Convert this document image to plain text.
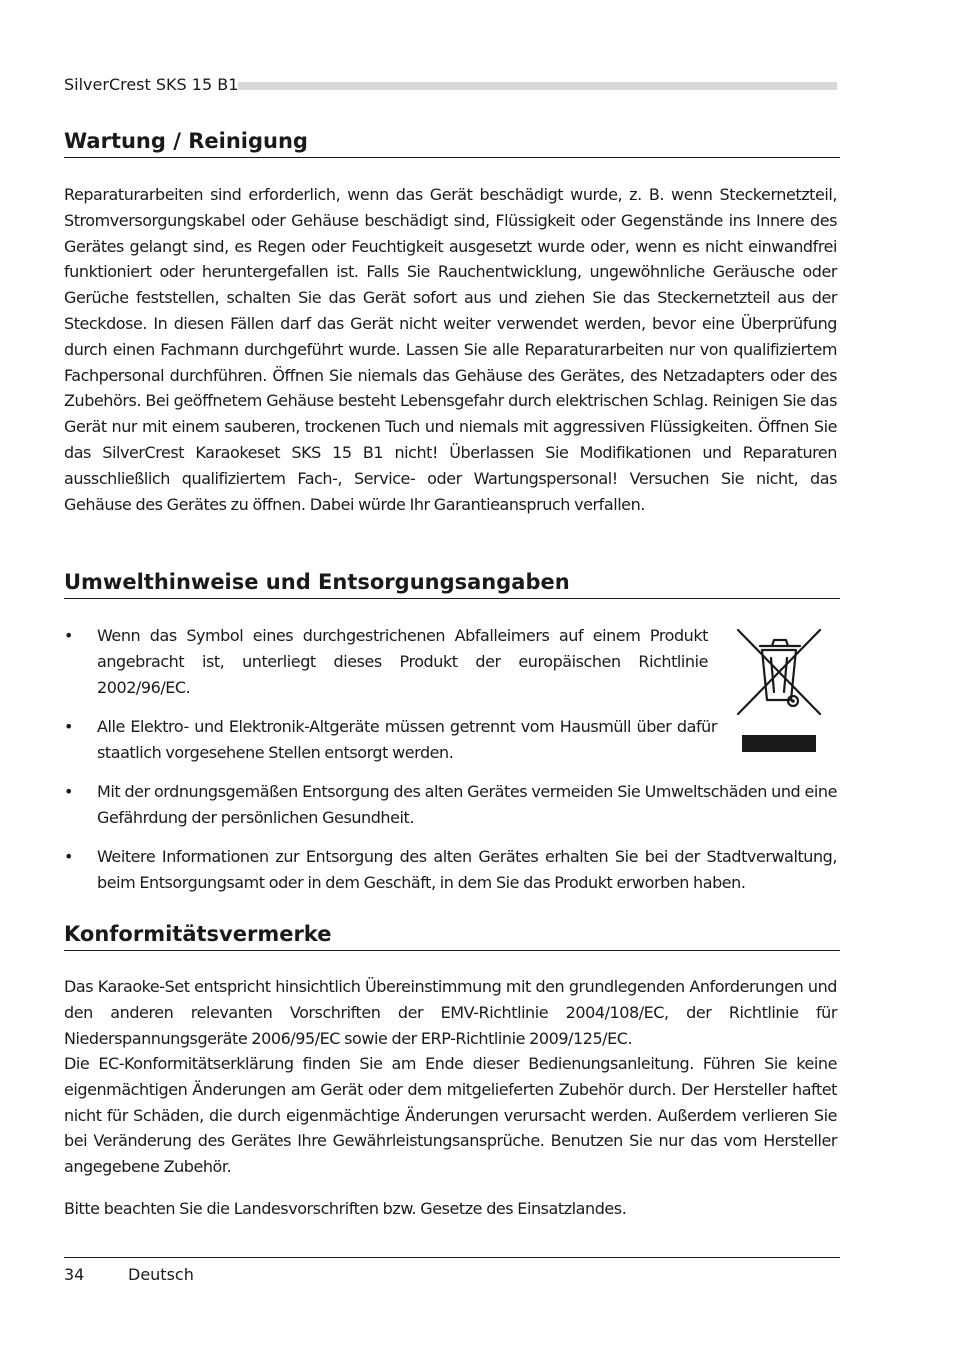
SilverCrest SKS 15 B1
Wartung / Reinigung
Reparaturarbeiten sind erforderlich, wenn das Gerät beschädigt wurde, z. B. wenn Steckernetzteil, Stromversorgungskabel oder Gehäuse beschädigt sind, Flüssigkeit oder Gegenstände ins Innere des Gerätes gelangt sind, es Regen oder Feuchtigkeit ausgesetzt wurde oder, wenn es nicht einwandfrei funktioniert oder heruntergefallen ist. Falls Sie Rauchentwicklung, ungewöhnliche Geräusche oder Gerüche feststellen, schalten Sie das Gerät sofort aus und ziehen Sie das Steckernetzteil aus der Steckdose. In diesen Fällen darf das Gerät nicht weiter verwendet werden, bevor eine Überprüfung durch einen Fachmann durchgeführt wurde. Lassen Sie alle Reparaturarbeiten nur von qualifiziertem Fachpersonal durchführen. Öffnen Sie niemals das Gehäuse des Gerätes, des Netzadapters oder des Zubehörs. Bei geöffnetem Gehäuse besteht Lebensgefahr durch elektrischen Schlag. Reinigen Sie das Gerät nur mit einem sauberen, trockenen Tuch und niemals mit aggressiven Flüssigkeiten. Öffnen Sie das SilverCrest Karaokeset SKS 15 B1 nicht! Überlassen Sie Modifikationen und Reparaturen ausschließlich qualifiziertem Fach-, Service- oder Wartungspersonal! Versuchen Sie nicht, das Gehäuse des Gerätes zu öffnen. Dabei würde Ihr Garantieanspruch verfallen.
Umwelthinweise und Entsorgungsangaben
• Wenn das Symbol eines durchgestrichenen Abfalleimers auf einem Produkt angebracht ist, unterliegt dieses Produkt der europäischen Richtlinie 2002/96/EC.
• Alle Elektro- und Elektronik-Altgeräte müssen getrennt vom Hausmüll über dafür staatlich vorgesehene Stellen entsorgt werden.
• Mit der ordnungsgemäßen Entsorgung des alten Gerätes vermeiden Sie Umweltschäden und eine Gefährdung der persönlichen Gesundheit.
• Weitere Informationen zur Entsorgung des alten Gerätes erhalten Sie bei der Stadtverwaltung, beim Entsorgungsamt oder in dem Geschäft, in dem Sie das Produkt erworben haben.
Konformitätsvermerke
Das Karaoke-Set entspricht hinsichtlich Übereinstimmung mit den grundlegenden Anforderungen und den anderen relevanten Vorschriften der EMV-Richtlinie 2004/108/EC, der Richtlinie für Niederspannungsgeräte 2006/95/EC sowie der ERP-Richtlinie 2009/125/EC.
Die EC-Konformitätserklärung finden Sie am Ende dieser Bedienungsanleitung. Führen Sie keine eigenmächtigen Änderungen am Gerät oder dem mitgelieferten Zubehör durch. Der Hersteller haftet nicht für Schäden, die durch eigenmächtige Änderungen verursacht werden. Außerdem verlieren Sie bei Veränderung des Gerätes Ihre Gewährleistungsansprüche. Benutzen Sie nur das vom Hersteller angegebene Zubehör.
Bitte beachten Sie die Landesvorschriften bzw. Gesetze des Einsatzlandes.
34	Deutsch
